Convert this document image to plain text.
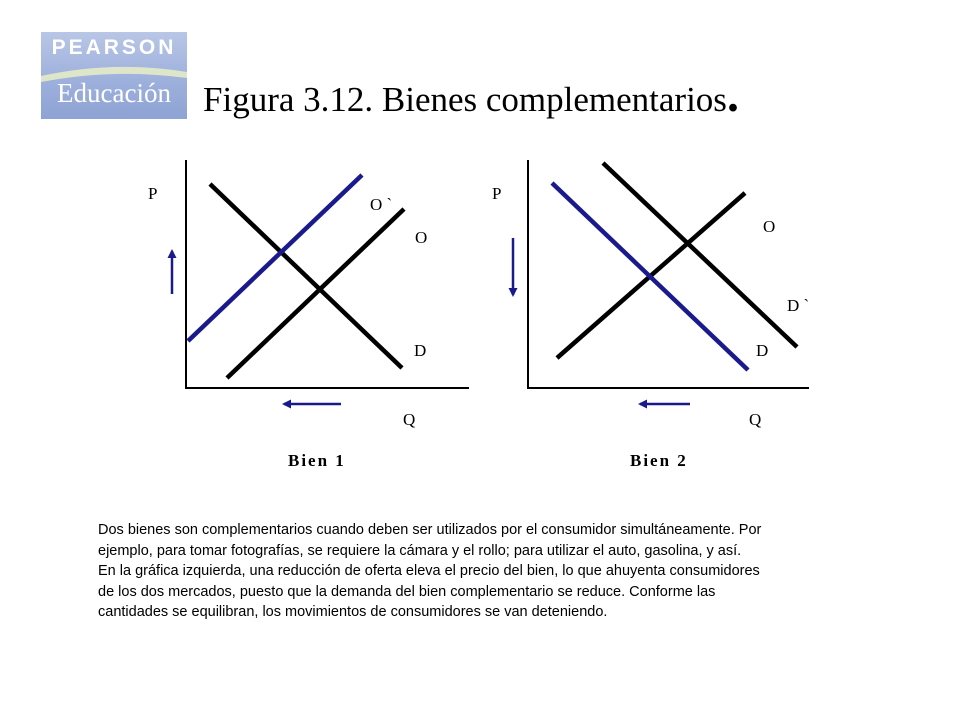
PEARSON
Educación Figura 3.12. Bienes complementarios.
P
O `
O
D
Q
P
O
D `
D
Q
Bien 1	Bien 2
Dos bienes son complementarios cuando deben ser utilizados por el consumidor simultáneamente. Por
ejemplo, para tomar fotografías, se requiere la cámara y el rollo; para utilizar el auto, gasolina, y así.
En la gráfica izquierda, una reducción de oferta eleva el precio del bien, lo que ahuyenta consumidores
de los dos mercados, puesto que la demanda del bien complementario se reduce. Conforme las
cantidades se equilibran, los movimientos de consumidores se van deteniendo.
